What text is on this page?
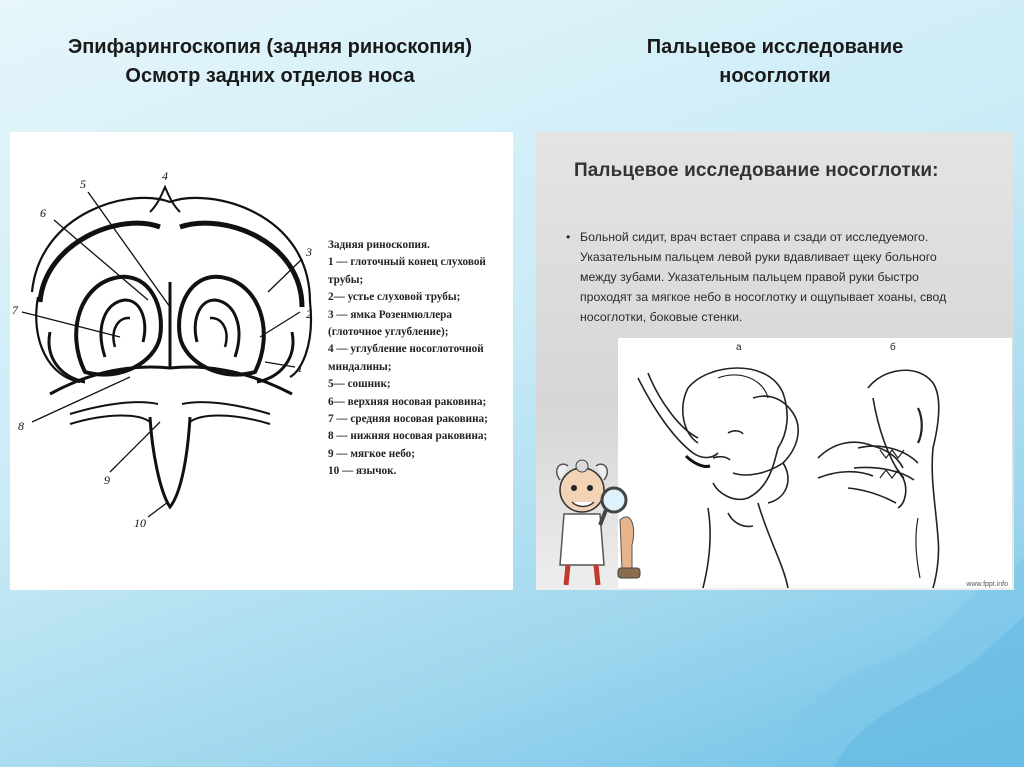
Эпифарингоскопия (задняя риноскопия)
Осмотр задних отделов носа
Пальцевое исследование
носоглотки
4
5
6
3
7	2
1
8
9
10
Задняя риноскопия.
1 — глоточный конец слуховой
трубы;
2— устье слуховой трубы;
3 — ямка Розенмюллера
(глоточное углубление);
4 — углубление носоглоточной
миндалины;
5— сошник;
6— верхняя носовая раковина;
7 — средняя носовая раковина;
8 — нижняя носовая раковина;
9 — мягкое небо;
10 — язычок.
Пальцевое исследование носоглотки:
• Больной сидит, врач встает справа и сзади от исследуемого.

Указательным пальцем левой руки вдавливает щеку больного

между зубами. Указательным пальцем правой руки быстро

проходят за мягкое небо в носоглотку и ощупывает хоаны, свод

носоглотки, боковые стенки.

а	б
www.fppt.info
